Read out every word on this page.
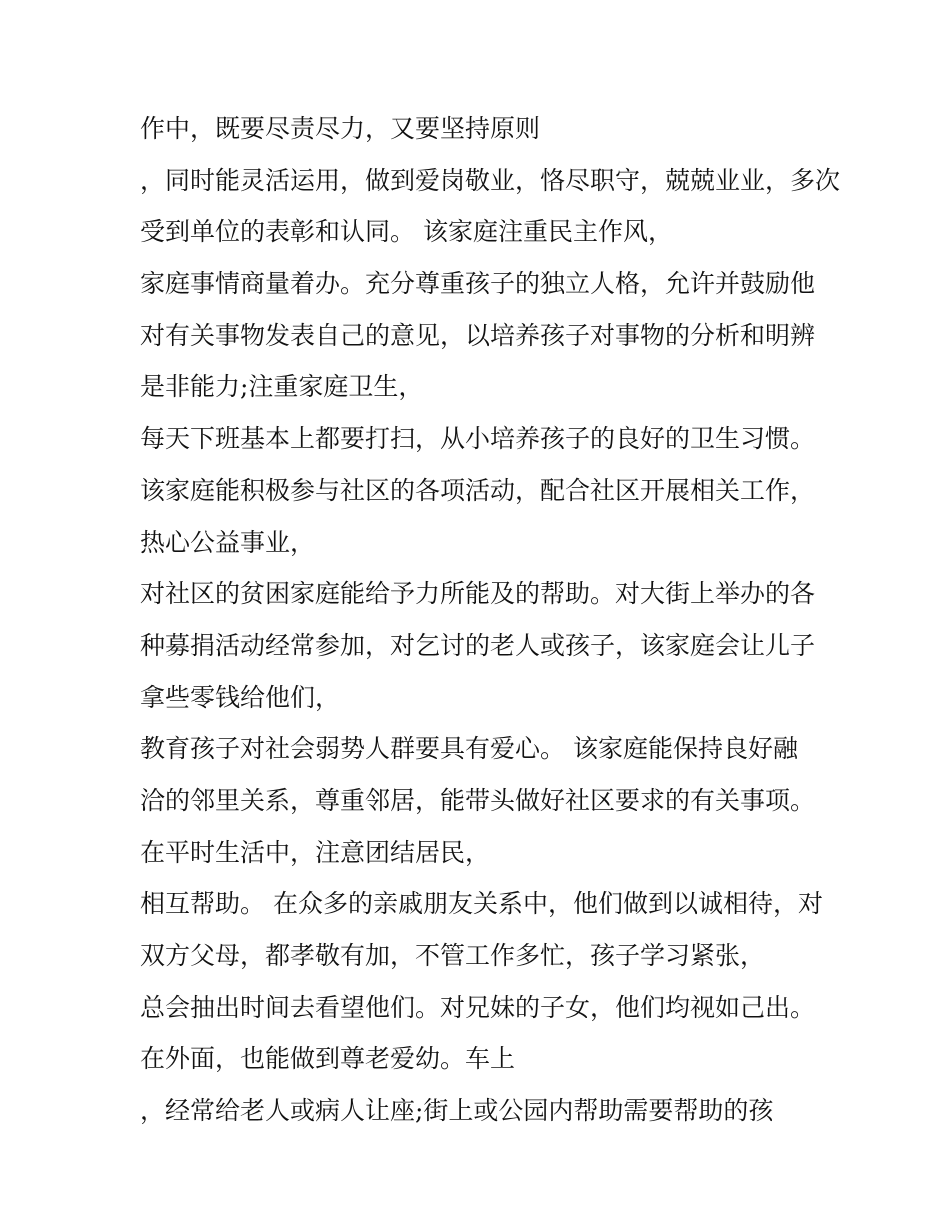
作中，既要尽责尽力，又要坚持原则
，同时能灵活运用，做到爱岗敬业，恪尽职守，兢兢业业，多次
受到单位的表彰和认同。 该家庭注重民主作风，
家庭事情商量着办。充分尊重孩子的独立人格，允许并鼓励他
对有关事物发表自己的意见，以培养孩子对事物的分析和明辨
是非能力;注重家庭卫生，
每天下班基本上都要打扫，从小培养孩子的良好的卫生习惯。
该家庭能积极参与社区的各项活动，配合社区开展相关工作，
热心公益事业，
对社区的贫困家庭能给予力所能及的帮助。对大街上举办的各
种募捐活动经常参加，对乞讨的老人或孩子，该家庭会让儿子
拿些零钱给他们，
教育孩子对社会弱势人群要具有爱心。 该家庭能保持良好融
洽的邻里关系，尊重邻居，能带头做好社区要求的有关事项。
在平时生活中，注意团结居民，
相互帮助。 在众多的亲戚朋友关系中，他们做到以诚相待，对
双方父母，都孝敬有加，不管工作多忙，孩子学习紧张，
总会抽出时间去看望他们。对兄妹的子女，他们均视如己出。
在外面，也能做到尊老爱幼。车上
，经常给老人或病人让座;街上或公园内帮助需要帮助的孩
